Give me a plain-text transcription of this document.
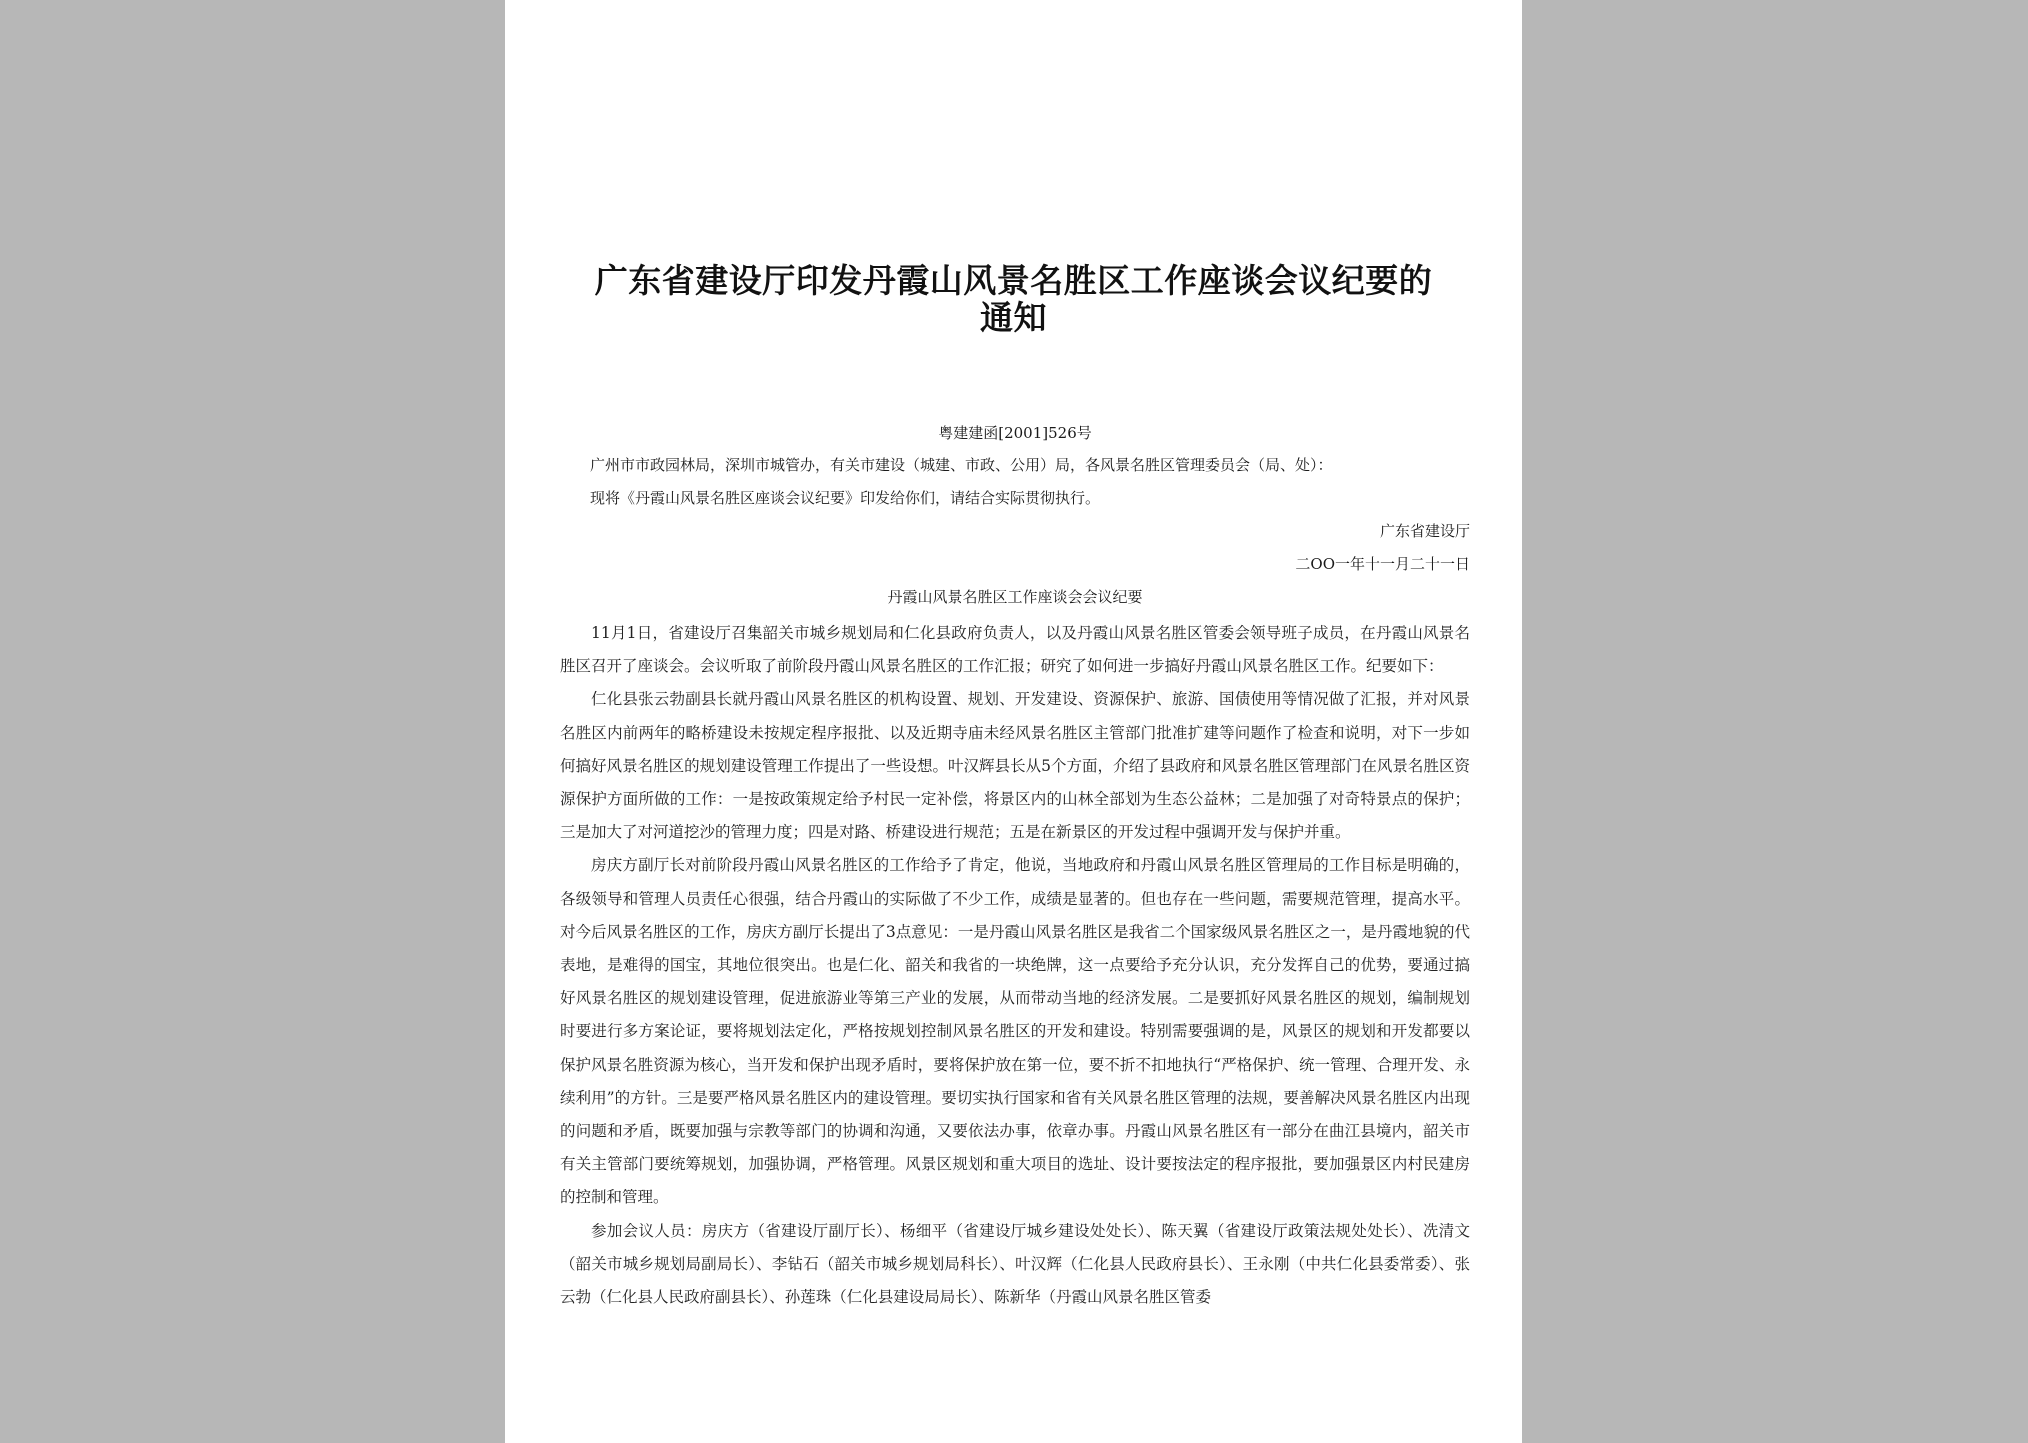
广东省建设厅印发丹霞山风景名胜区工作座谈会议纪要的通知
粤建建函[2001]526号
广州市市政园林局，深圳市城管办，有关市建设（城建、市政、公用）局，各风景名胜区管理委员会（局、处）：
现将《丹霞山风景名胜区座谈会议纪要》印发给你们，请结合实际贯彻执行。
广东省建设厅
二OO一年十一月二十一日
丹霞山风景名胜区工作座谈会会议纪要

11月1日，省建设厅召集韶关市城乡规划局和仁化县政府负责人，以及丹霞山风景名胜区管委会领导班子成员，在丹霞山风景名胜区召开了座谈会。会议听取了前阶段丹霞山风景名胜区的工作汇报；研究了如何进一步搞好丹霞山风景名胜区工作。纪要如下：

仁化县张云勃副县长就丹霞山风景名胜区的机构设置、规划、开发建设、资源保护、旅游、国债使用等情况做了汇报，并对风景名胜区内前两年的略桥建设未按规定程序报批、以及近期寺庙未经风景名胜区主管部门批准扩建等问题作了检查和说明，对下一步如何搞好风景名胜区的规划建设管理工作提出了一些设想。叶汉辉县长从5个方面，介绍了县政府和风景名胜区管理部门在风景名胜区资源保护方面所做的工作：一是按政策规定给予村民一定补偿，将景区内的山林全部划为生态公益林；二是加强了对奇特景点的保护；三是加大了对河道挖沙的管理力度；四是对路、桥建设进行规范；五是在新景区的开发过程中强调开发与保护并重。

房庆方副厅长对前阶段丹霞山风景名胜区的工作给予了肯定，他说，当地政府和丹霞山风景名胜区管理局的工作目标是明确的，各级领导和管理人员责任心很强，结合丹霞山的实际做了不少工作，成绩是显著的。但也存在一些问题，需要规范管理，提高水平。对今后风景名胜区的工作，房庆方副厅长提出了3点意见：一是丹霞山风景名胜区是我省二个国家级风景名胜区之一，是丹霞地貌的代表地，是难得的国宝，其地位很突出。也是仁化、韶关和我省的一块绝牌，这一点要给予充分认识，充分发挥自己的优势，要通过搞好风景名胜区的规划建设管理，促进旅游业等第三产业的发展，从而带动当地的经济发展。二是要抓好风景名胜区的规划，编制规划时要进行多方案论证，要将规划法定化，严格按规划控制风景名胜区的开发和建设。特别需要强调的是，风景区的规划和开发都要以保护风景名胜资源为核心，当开发和保护出现矛盾时，要将保护放在第一位，要不折不扣地执行“严格保护、统一管理、合理开发、永续利用”的方针。三是要严格风景名胜区内的建设管理。要切实执行国家和省有关风景名胜区管理的法规，要善解决风景名胜区内出现的问题和矛盾，既要加强与宗教等部门的协调和沟通，又要依法办事，依章办事。丹霞山风景名胜区有一部分在曲江县境内，韶关市有关主管部门要统筹规划，加强协调，严格管理。风景区规划和重大项目的选址、设计要按法定的程序报批，要加强景区内村民建房的控制和管理。

参加会议人员：房庆方（省建设厅副厅长）、杨细平（省建设厅城乡建设处处长）、陈天翼（省建设厅政策法规处处长）、冼清文（韶关市城乡规划局副局长）、李钻石（韶关市城乡规划局科长）、叶汉辉（仁化县人民政府县长）、王永刚（中共仁化县委常委）、张云勃（仁化县人民政府副县长）、孙莲珠（仁化县建设局局长）、陈新华（丹霞山风景名胜区管委
